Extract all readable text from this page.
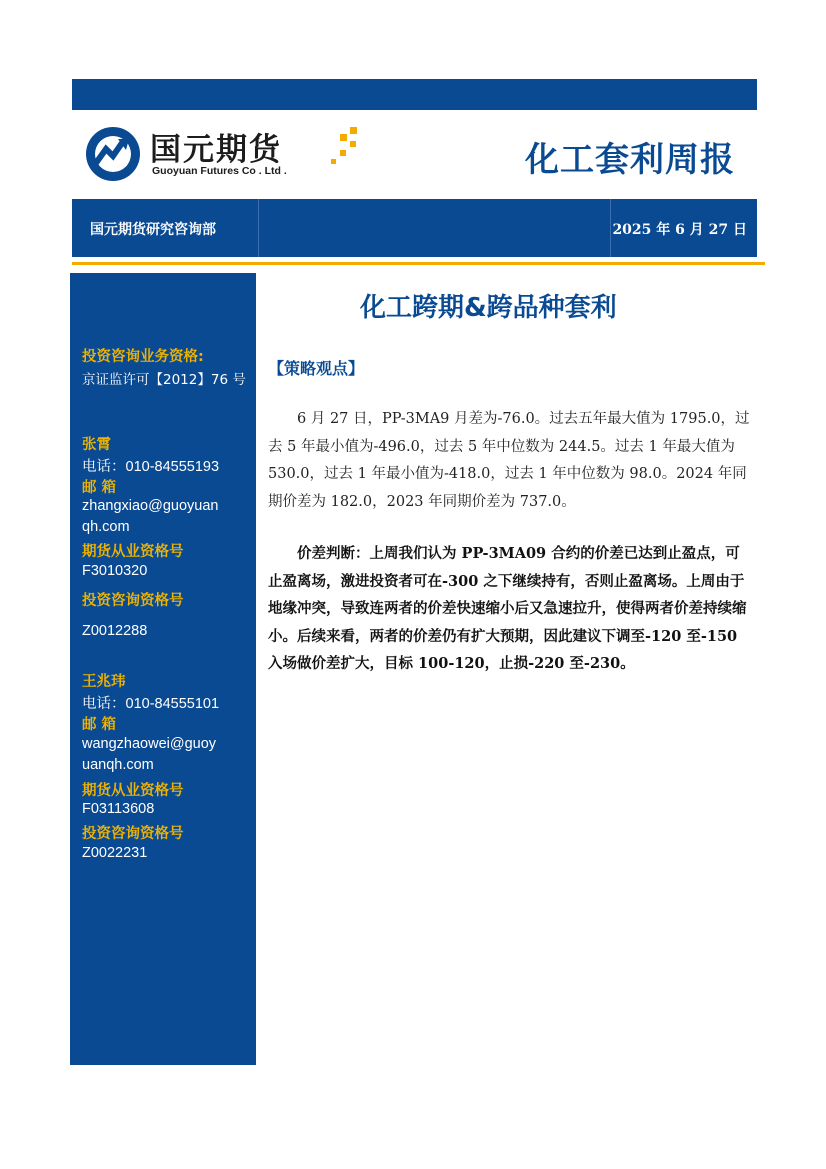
国元期货
Guoyuan Futures Co . Ltd .	化工套利周报
国元期货研究咨询部	2025 年 6 月 27 日
投资咨询业务资格:
京证监许可【2012】76 号
张霄
电话：010-84555193
邮 箱
zhangxiao@guoyuan
qh.com
期货从业资格号
F3010320
投资咨询资格号
Z0012288
王兆玮
电话：010-84555101
邮 箱
wangzhaowei@guoy
uanqh.com
期货从业资格号
F03113608
投资咨询资格号
Z0022231
化工跨期&跨品种套利
【策略观点】

6 月 27 日，PP-3MA9 月差为-76.0。过去五年最大值为 1795.0，过去 5 年最小值为-496.0，过去 5 年中位数为 244.5。过去 1 年最大值为 530.0，过去 1 年最小值为-418.0，过去 1 年中位数为 98.0。2024 年同期价差为 182.0，2023 年同期价差为 737.0。

价差判断：上周我们认为 PP-3MA09 合约的价差已达到止盈点，可止盈离场，激进投资者可在-300 之下继续持有，否则止盈离场。上周由于地缘冲突，导致连两者的价差快速缩小后又急速拉升，使得两者价差持续缩小。后续来看，两者的价差仍有扩大预期，因此建议下调至-120 至-150 入场做价差扩大，目标 100-120，止损-220 至-230。
